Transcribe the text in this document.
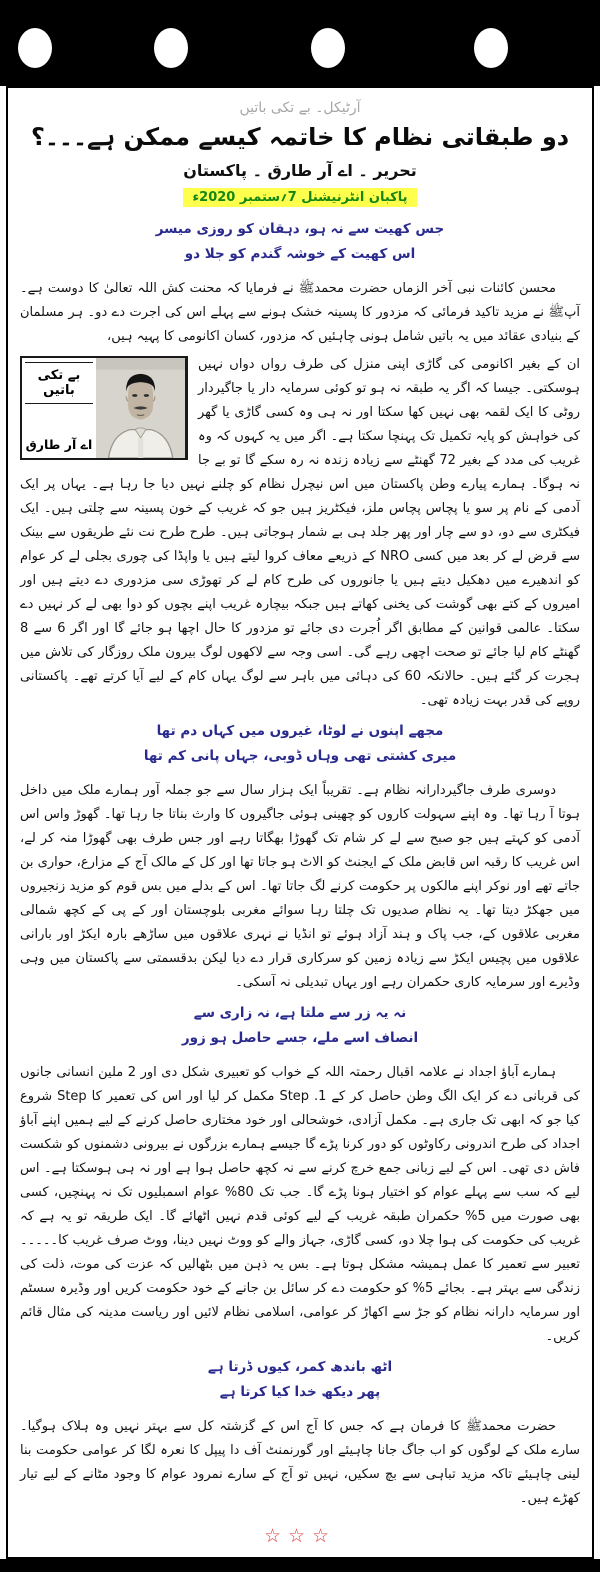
آرٹیکل۔ بے تکی باتیں
دو طبقاتی نظام کا خاتمہ کیسے ممکن ہے۔۔۔؟
تحریر ۔ اے آر طارق ۔ پاکستان
پاکبان انٹرنیشنل 7؍ستمبر 2020ء
جس کھیت سے نہ ہو، دہقان کو روزی میسر
اس کھیت کے خوشہ گندم کو جلا دو
محسن کائنات نبی آخر الزماں حضرت محمدﷺ نے فرمایا کہ محنت کش اللہ تعالیٰ کا دوست ہے۔ آپﷺ نے مزید تاکید فرمائی کہ مزدور کا پسینہ خشک ہونے سے پہلے اس کی اجرت دے دو۔ ہر مسلمان کے بنیادی عقائد میں یہ باتیں شامل ہونی چاہئیں کہ مزدور، کسان اکانومی کا پہیہ ہیں،
بے تکی باتیں
اے آر طارق
ان کے بغیر اکانومی کی گاڑی اپنی منزل کی طرف رواں دواں نہیں ہوسکتی۔ جیسا کہ اگر یہ طبقہ نہ ہو تو کوئی سرمایہ دار یا جاگیردار روٹی کا ایک لقمہ بھی نہیں کھا سکتا اور نہ ہی وہ کسی گاڑی یا گھر کی خواہش کو پایہ تکمیل تک پہنچا سکتا ہے۔ اگر میں یہ کہوں کہ وہ غریب کی مدد کے بغیر 72 گھنٹے سے زیادہ زندہ نہ رہ سکے گا تو بے جا نہ ہوگا۔ ہمارے پیارے وطن پاکستان میں اس نیچرل نظام کو چلنے نہیں دیا جا رہا ہے۔ یہاں پر ایک آدمی کے نام پر سو یا پچاس پچاس ملز، فیکٹریز ہیں جو کہ غریب کے خون پسینہ سے چلتی ہیں۔ ایک فیکٹری سے دو، دو سے چار اور پھر جلد ہی بے شمار ہوجاتی ہیں۔ طرح طرح نت نئے طریقوں سے بینک سے قرض لے کر بعد میں کسی NRO کے ذریعے معاف کروا لیتے ہیں یا واپڈا کی چوری بجلی لے کر عوام کو اندھیرے میں دھکیل دیتے ہیں یا جانوروں کی طرح کام لے کر تھوڑی سی مزدوری دے دیتے ہیں اور امیروں کے کتے بھی گوشت کی یخنی کھاتے ہیں جبکہ بیچارہ غریب اپنے بچوں کو دوا بھی لے کر نہیں دے سکتا۔ عالمی قوانین کے مطابق اگر اُجرت دی جائے تو مزدور کا حال اچھا ہو جائے گا اور اگر 6 سے 8 گھنٹے کام لیا جائے تو صحت اچھی رہے گی۔ اسی وجہ سے لاکھوں لوگ بیرون ملک روزگار کی تلاش میں ہجرت کر گئے ہیں۔ حالانکہ 60 کی دہائی میں باہر سے لوگ یہاں کام کے لیے آیا کرتے تھے۔ پاکستانی روپے کی قدر بہت زیادہ تھی۔
مجھے اپنوں نے لوٹا، غیروں میں کہاں دم تھا
میری کشتی تھی وہاں ڈوبی، جہاں پانی کم تھا
دوسری طرف جاگیردارانہ نظام ہے۔ تقریباً ایک ہزار سال سے جو جملہ آور ہمارے ملک میں داخل ہوتا آ رہا تھا۔ وہ اپنے سہولت کاروں کو چھینی ہوئی جاگیروں کا وارث بناتا جا رہا تھا۔ گھوڑ واس اس آدمی کو کہتے ہیں جو صبح سے لے کر شام تک گھوڑا بھگاتا رہے اور جس طرف بھی گھوڑا منہ کر لے، اس غریب کا رقبہ اس قابض ملک کے ایجنٹ کو الاٹ ہو جاتا تھا اور کل کے مالک آج کے مزارع، حواری بن جاتے تھے اور نوکر اپنے مالکوں پر حکومت کرنے لگ جاتا تھا۔ اس کے بدلے میں بس قوم کو مزید زنجیروں میں جھکڑ دیتا تھا۔ یہ نظام صدیوں تک چلتا رہا سوائے مغربی بلوچستان اور کے پی کے کچھ شمالی مغربی علاقوں کے، جب پاک و ہند آزاد ہوئے تو انڈیا نے نہری علاقوں میں ساڑھے بارہ ایکڑ اور بارانی علاقوں میں پچیس ایکڑ سے زیادہ زمین کو سرکاری قرار دے دیا لیکن بدقسمتی سے پاکستان میں وہی وڈیرے اور سرمایہ کاری حکمران رہے اور یہاں تبدیلی نہ آسکی۔
نہ یہ زر سے ملتا ہے، نہ زاری سے
انصاف اسے ملے، جسے حاصل ہو زور
ہمارے آباؤ اجداد نے علامہ اقبال رحمتہ اللہ کے خواب کو تعبیری شکل دی اور 2 ملین انسانی جانوں کی قربانی دے کر ایک الگ وطن حاصل کر کے Step .1 مکمل کر لیا اور اس کی تعمیر کا Step شروع کیا جو کہ ابھی تک جاری ہے۔ مکمل آزادی، خوشحالی اور خود مختاری حاصل کرنے کے لیے ہمیں اپنے آباؤ اجداد کی طرح اندرونی رکاوٹوں کو دور کرنا پڑے گا جیسے ہمارے بزرگوں نے بیرونی دشمنوں کو شکست فاش دی تھی۔ اس کے لیے زبانی جمع خرچ کرنے سے نہ کچھ حاصل ہوا ہے اور نہ ہی ہوسکتا ہے۔ اس لیے کہ سب سے پہلے عوام کو اختیار ہونا پڑے گا۔ جب تک 80% عوام اسمبلیوں تک نہ پہنچیں، کسی بھی صورت میں 5% حکمران طبقہ غریب کے لیے کوئی قدم نہیں اٹھائے گا۔ ایک طریقہ تو یہ ہے کہ غریب کی حکومت کی ہوا چلا دو، کسی گاڑی، جہاز والے کو ووٹ نہیں دینا، ووٹ صرف غریب کا۔۔۔۔۔ تعبیر سے تعمیر کا عمل ہمیشہ مشکل ہوتا ہے۔ بس یہ ذہن میں بٹھالیں کہ عزت کی موت، ذلت کی زندگی سے بہتر ہے۔ بجائے 5% کو حکومت دے کر سائل بن جانے کے خود حکومت کریں اور وڈیرہ سسٹم اور سرمایہ دارانہ نظام کو جڑ سے اکھاڑ کر عوامی، اسلامی نظام لائیں اور ریاست مدینہ کی مثال قائم کریں۔
اٹھ باندھ کمر، کیوں ڈرتا ہے
پھر دیکھ خدا کیا کرتا ہے
حضرت محمدﷺ کا فرمان ہے کہ جس کا آج اس کے گزشتہ کل سے بہتر نہیں وہ ہلاک ہوگیا۔ سارے ملک کے لوگوں کو اب جاگ جانا چاہیئے اور گورنمنٹ آف دا پیپل کا نعرہ لگا کر عوامی حکومت بنا لینی چاہیئے تاکہ مزید تباہی سے بچ سکیں، نہیں تو آج کے سارے نمرود عوام کا وجود مٹانے کے لیے تیار کھڑے ہیں۔
☆☆☆
